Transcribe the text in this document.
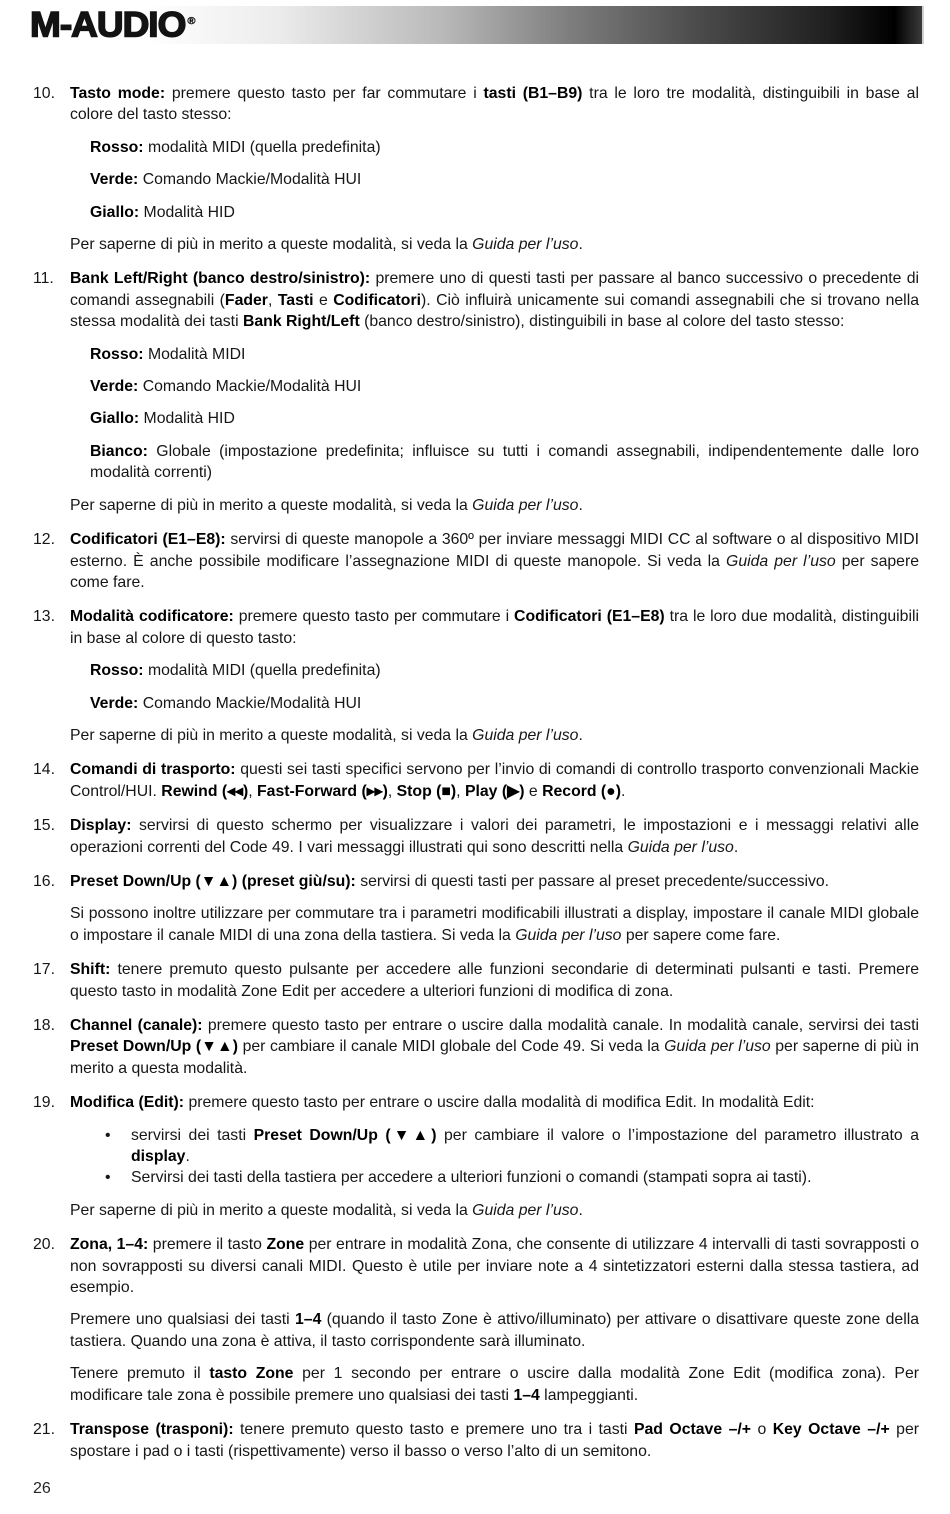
M-AUDIO ®
10. Tasto mode: premere questo tasto per far commutare i tasti (B1–B9) tra le loro tre modalità, distinguibili in base al colore del tasto stesso:
Rosso: modalità MIDI (quella predefinita)
Verde: Comando Mackie/Modalità HUI
Giallo: Modalità HID
Per saperne di più in merito a queste modalità, si veda la Guida per l’uso.
11.	Bank Left/Right (banco destro/sinistro): premere uno di questi tasti per passare al banco successivo o precedente di comandi assegnabili (Fader, Tasti e Codificatori). Ciò influirà unicamente sui comandi assegnabili che si trovano nella stessa modalità dei tasti Bank Right/Left (banco destro/sinistro), distinguibili in base al colore del tasto stesso:
Rosso: Modalità MIDI
Verde: Comando Mackie/Modalità HUI
Giallo: Modalità HID
Bianco: Globale (impostazione predefinita; influisce su tutti i comandi assegnabili, indipendentemente dalle loro modalità correnti)
Per saperne di più in merito a queste modalità, si veda la Guida per l’uso.
12. Codificatori (E1–E8): servirsi di queste manopole a 360º per inviare messaggi MIDI CC al software o al dispositivo MIDI esterno. È anche possibile modificare l’assegnazione MIDI di queste manopole. Si veda la Guida per l’uso per sapere come fare.
13. Modalità codificatore: premere questo tasto per commutare i Codificatori (E1–E8) tra le loro due modalità, distinguibili in base al colore di questo tasto:
Rosso: modalità MIDI (quella predefinita)
Verde: Comando Mackie/Modalità HUI
Per saperne di più in merito a queste modalità, si veda la Guida per l’uso.
14. Comandi di trasporto: questi sei tasti specifici servono per l’invio di comandi di controllo trasporto convenzionali Mackie Control/HUI. Rewind (◂◂), Fast-Forward (▸▸), Stop (■), Play (▶) e Record (●).
15. Display: servirsi di questo schermo per visualizzare i valori dei parametri, le impostazioni e i messaggi relativi alle operazioni correnti del Code 49. I vari messaggi illustrati qui sono descritti nella Guida per l’uso.
16. Preset Down/Up (▼▲) (preset giù/su): servirsi di questi tasti per passare al preset precedente/successivo.
Si possono inoltre utilizzare per commutare tra i parametri modificabili illustrati a display, impostare il canale MIDI globale o impostare il canale MIDI di una zona della tastiera. Si veda la Guida per l’uso per sapere come fare.
17. Shift: tenere premuto questo pulsante per accedere alle funzioni secondarie di determinati pulsanti e tasti. Premere questo tasto in modalità Zone Edit per accedere a ulteriori funzioni di modifica di zona.
18. Channel (canale): premere questo tasto per entrare o uscire dalla modalità canale. In modalità canale, servirsi dei tasti Preset Down/Up (▼▲) per cambiare il canale MIDI globale del Code 49. Si veda la Guida per l’uso per saperne di più in merito a questa modalità.
19. Modifica (Edit): premere questo tasto per entrare o uscire dalla modalità di modifica Edit. In modalità Edit:
•	servirsi dei tasti Preset Down/Up (▼▲) per cambiare il valore o l’impostazione del parametro illustrato a display.
•	Servirsi dei tasti della tastiera per accedere a ulteriori funzioni o comandi (stampati sopra ai tasti).
Per saperne di più in merito a queste modalità, si veda la Guida per l’uso.
20. Zona, 1–4: premere il tasto Zone per entrare in modalità Zona, che consente di utilizzare 4 intervalli di tasti sovrapposti o non sovrapposti su diversi canali MIDI. Questo è utile per inviare note a 4 sintetizzatori esterni dalla stessa tastiera, ad esempio.
Premere uno qualsiasi dei tasti 1–4 (quando il tasto Zone è attivo/illuminato) per attivare o disattivare queste zone della tastiera. Quando una zona è attiva, il tasto corrispondente sarà illuminato.
Tenere premuto il tasto Zone per 1 secondo per entrare o uscire dalla modalità Zone Edit (modifica zona). Per modificare tale zona è possibile premere uno qualsiasi dei tasti 1–4 lampeggianti.
21. Transpose (trasponi): tenere premuto questo tasto e premere uno tra i tasti Pad Octave –/+ o Key Octave –/+ per spostare i pad o i tasti (rispettivamente) verso il basso o verso l’alto di un semitono.
26
